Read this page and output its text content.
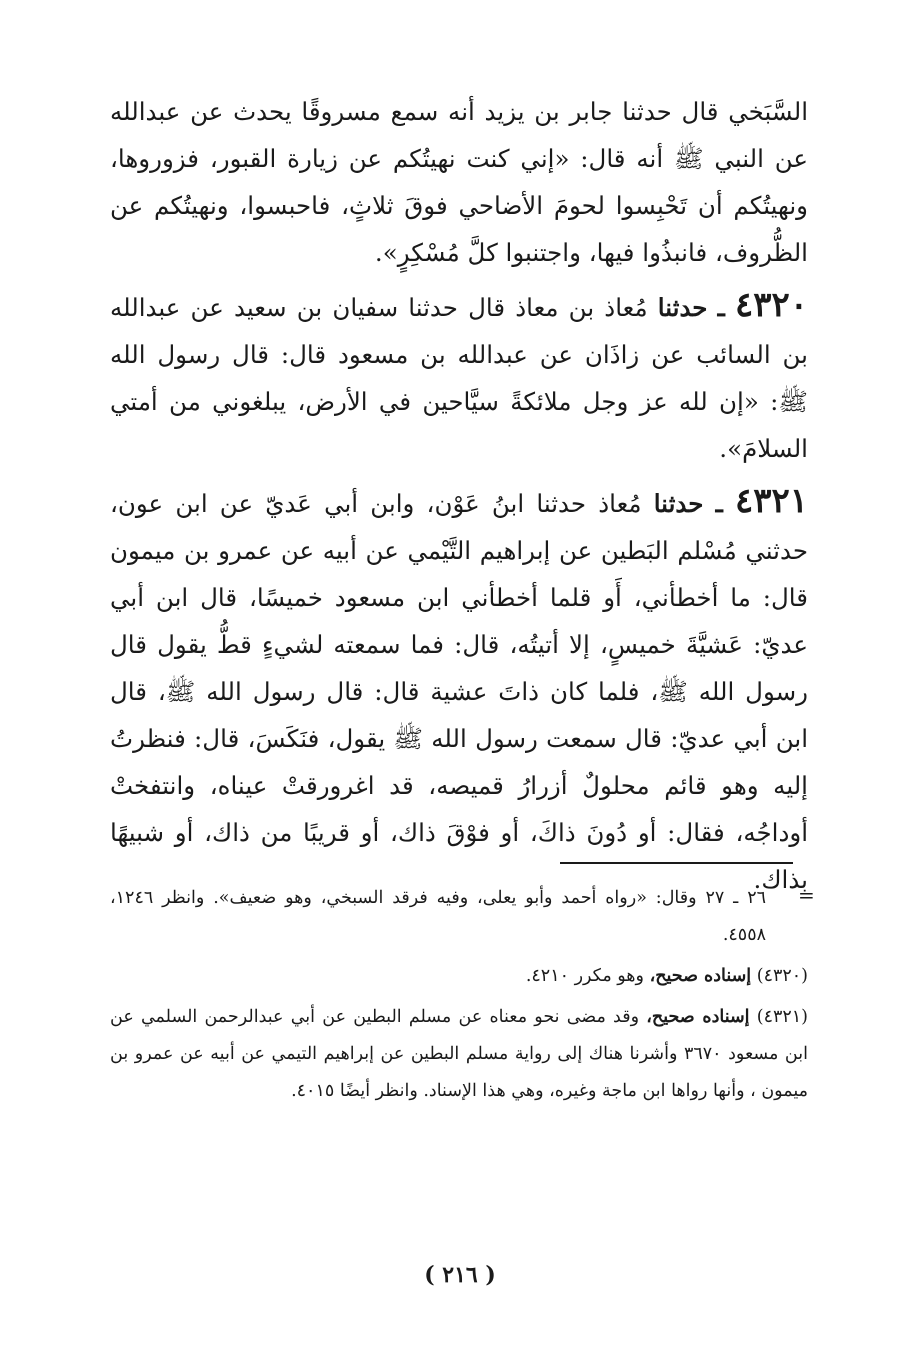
السَّبَخي قال حدثنا جابر بن يزيد أنه سمع مسروقًا يحدث عن عبدالله عن النبي ﷺ أنه قال: «إني كنت نهيتُكم عن زيارة القبور، فزوروها، ونهيتُكم أن تَحْبِسوا لحومَ الأضاحي فوقَ ثلاثٍ، فاحبسوا، ونهيتُكم عن الظُّروف، فانبذُوا فيها، واجتنبوا كلَّ مُسْكِرٍ».

٤٣٢٠ ـ حدثنا مُعاذ بن معاذ قال حدثنا سفيان بن سعيد عن عبدالله بن السائب عن زاذَان عن عبدالله بن مسعود قال: قال رسول الله ﷺ: «إن لله عز وجل ملائكةً سيَّاحين في الأرض، يبلغوني من أمتي السلامَ».

٤٣٢١ ـ حدثنا مُعاذ حدثنا ابنُ عَوْن، وابن أبي عَديّ عن ابن عون، حدثني مُسْلم البَطين عن إبراهيم التَّيْمي عن أبيه عن عمرو بن ميمون قال: ما أخطأني، أَو قلما أخطأني ابن مسعود خميسًا، قال ابن أبي عديّ: عَشيَّةَ خميسٍ، إلا أتيتُه، قال: فما سمعته لشيءٍ قطُّ يقول قال رسول الله ﷺ، فلما كان ذاتَ عشية قال: قال رسول الله ﷺ، قال ابن أبي عديّ: قال سمعت رسول الله ﷺ يقول، فنَكَسَ، قال: فنظرتُ إليه وهو قائم محلولٌ أزرارُ قميصه، قد اغرورقتْ عيناه، وانتفختْ أوداجُه، فقال: أو دُونَ ذاكَ، أو فوْقَ ذاك، أو قريبًا من ذاك، أو شبيهًا بذاك.

=

٢٦ ـ ٢٧ وقال: «رواه أحمد وأبو يعلى، وفيه فرقد السبخي، وهو ضعيف». وانظر ١٢٤٦، ٤٥٥٨.

(٤٣٢٠) إسناده صحيح، وهو مكرر ٤٢١٠.

(٤٣٢١) إسناده صحيح، وقد مضى نحو معناه عن مسلم البطين عن أبي عبدالرحمن السلمي عن ابن مسعود ٣٦٧٠ وأشرنا هناك إلى رواية مسلم البطين عن إبراهيم التيمي عن أبيه عن عمرو بن ميمون ، وأنها رواها ابن ماجة وغيره، وهي هذا الإسناد. وانظر أيضًا ٤٠١٥.

( ٢١٦ )
